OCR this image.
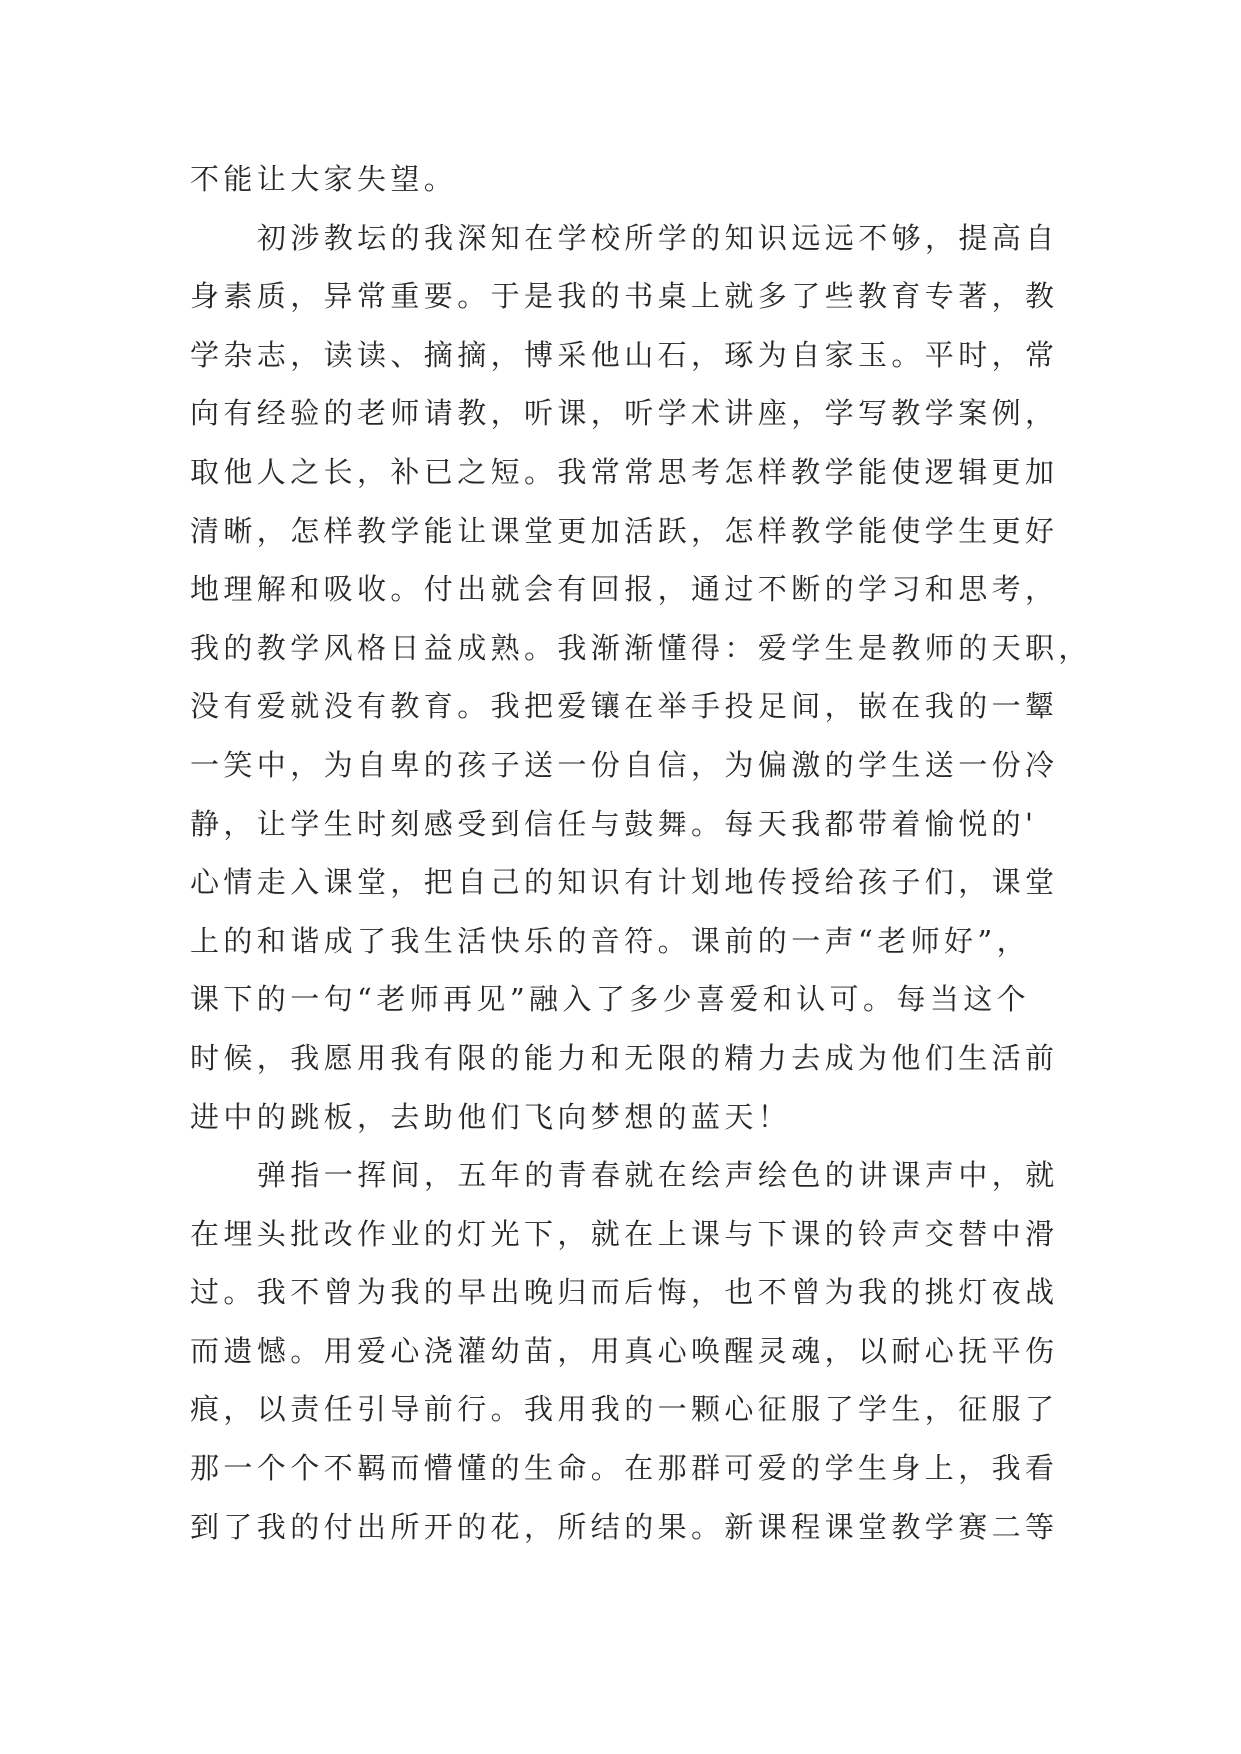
不能让大家失望。
初涉教坛的我深知在学校所学的知识远远不够，提高自
身素质，异常重要。于是我的书桌上就多了些教育专著，教
学杂志，读读、摘摘，博采他山石，琢为自家玉。平时，常
向有经验的老师请教，听课，听学术讲座，学写教学案例，
取他人之长，补已之短。我常常思考怎样教学能使逻辑更加
清晰，怎样教学能让课堂更加活跃，怎样教学能使学生更好
地理解和吸收。付出就会有回报，通过不断的学习和思考，
我的教学风格日益成熟。我渐渐懂得：爱学生是教师的天职，
没有爱就没有教育。我把爱镶在举手投足间，嵌在我的一颦
一笑中，为自卑的孩子送一份自信，为偏激的学生送一份冷
静，让学生时刻感受到信任与鼓舞。每天我都带着愉悦的'
心情走入课堂，把自己的知识有计划地传授给孩子们，课堂
上的和谐成了我生活快乐的音符。课前的一声“老师好”，
课下的一句“老师再见”融入了多少喜爱和认可。每当这个
时候，我愿用我有限的能力和无限的精力去成为他们生活前
进中的跳板，去助他们飞向梦想的蓝天！
弹指一挥间，五年的青春就在绘声绘色的讲课声中，就
在埋头批改作业的灯光下，就在上课与下课的铃声交替中滑
过。我不曾为我的早出晚归而后悔，也不曾为我的挑灯夜战
而遗憾。用爱心浇灌幼苗，用真心唤醒灵魂，以耐心抚平伤
痕，以责任引导前行。我用我的一颗心征服了学生，征服了
那一个个不羁而懵懂的生命。在那群可爱的学生身上，我看
到了我的付出所开的花，所结的果。新课程课堂教学赛二等
